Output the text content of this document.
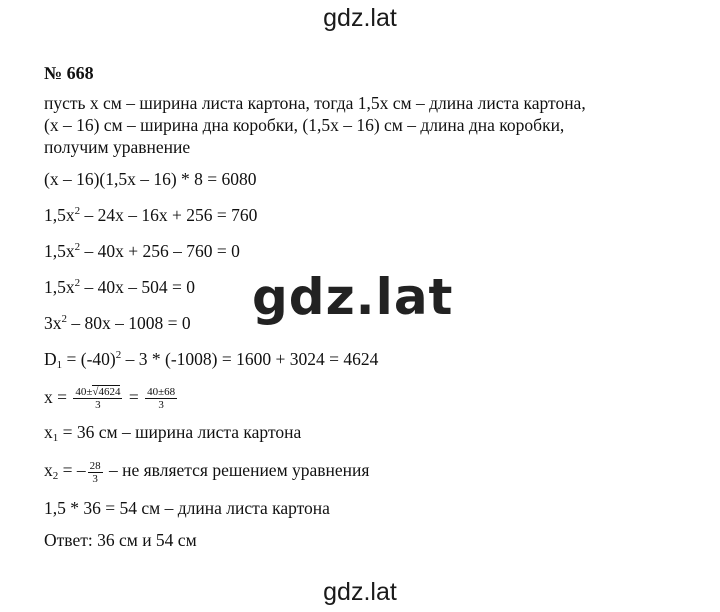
gdz.lat
gdz.lat
gdz.lat
№ 668
пусть х см – ширина листа картона, тогда 1,5х см – длина листа картона,
(х – 16) см – ширина дна коробки, (1,5х – 16) см – длина дна коробки,
получим уравнение
(х – 16)(1,5х – 16) * 8 = 6080
$1,5х^2 - 24х - 16х + 256 = 760$
$1,5х^2 - 40х + 256 - 760 = 0$
$1,5х^2 - 40х - 504 = 0$
$3х^2 - 80х - 1008 = 0$
$D_1 = (-40)^2 - 3 * (-1008) = 1600 + 3024 = 4624$
$х = \frac{40\pm√4624}{3} = \frac{40\pm 68}{3}$
$х_1 = 36$ см – ширина листа картона
$х_2$ = – $\frac{28}{3}$ – не является решением уравнения
1,5 * 36 = 54 см – длина листа картона
Ответ: 36 см и 54 см
